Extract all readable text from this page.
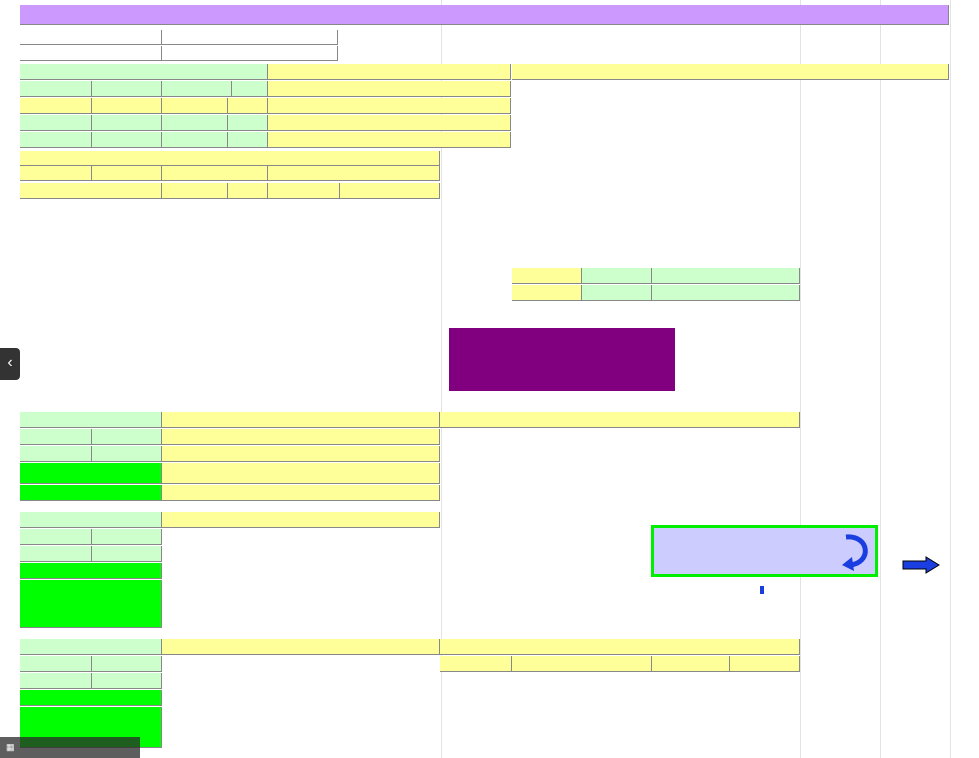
‹
▦
